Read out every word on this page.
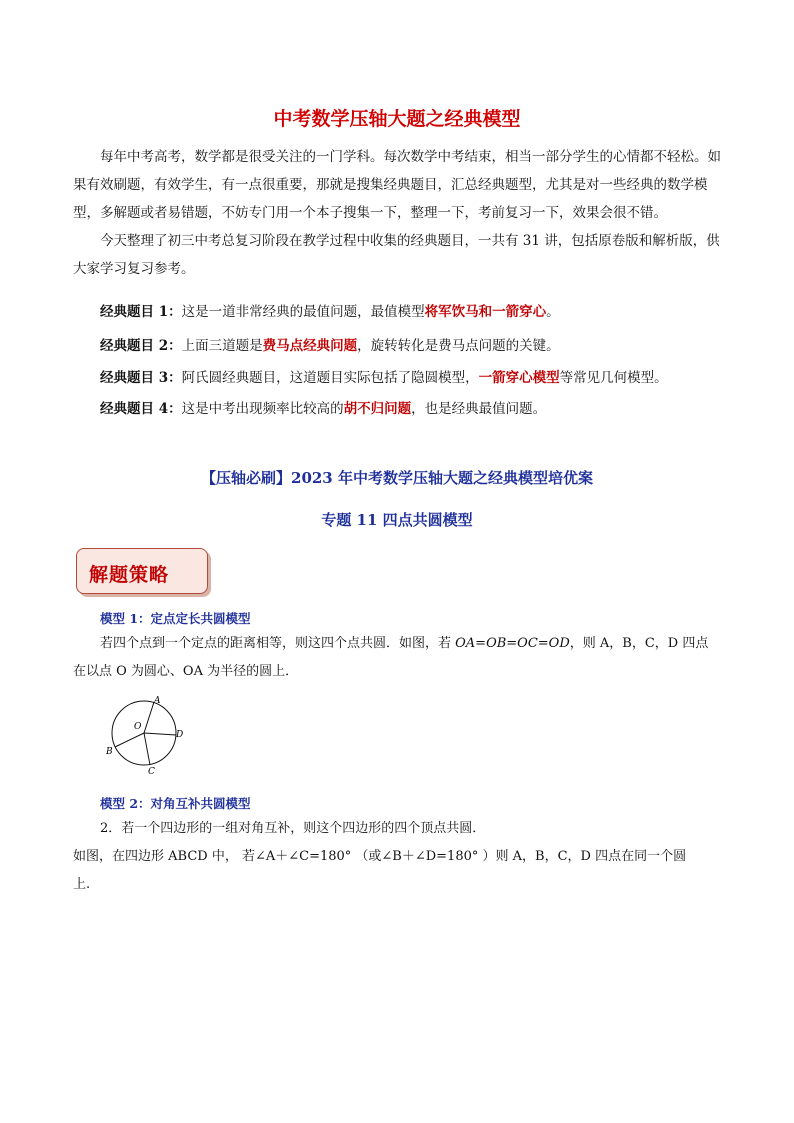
中考数学压轴大题之经典模型

每年中考高考，数学都是很受关注的一门学科。每次数学中考结束，相当一部分学生的心情都不轻松。如果有效刷题，有效学生，有一点很重要，那就是搜集经典题目，汇总经典题型，尤其是对一些经典的数学模型，多解题或者易错题，不妨专门用一个本子搜集一下，整理一下，考前复习一下，效果会很不错。

今天整理了初三中考总复习阶段在教学过程中收集的经典题目，一共有 31 讲，包括原卷版和解析版，供大家学习复习参考。

经典题目 1：这是一道非常经典的最值问题，最值模型将军饮马和一箭穿心。
经典题目 2：上面三道题是费马点经典问题，旋转转化是费马点问题的关键。
经典题目 3：阿氏圆经典题目，这道题目实际包括了隐圆模型，一箭穿心模型等常见几何模型。
经典题目 4：这是中考出现频率比较高的胡不归问题，也是经典最值问题。
【压轴必刷】2023 年中考数学压轴大题之经典模型培优案
专题 11 四点共圆模型
解题策略
模型 1：定点定长共圆模型

若四个点到一个定点的距离相等，则这四个点共圆．如图，若 OA=OB=OC=OD，则 A，B，C，D 四点

在以点 O 为圆心、OA 为半径的圆上．

A
O
D
B
C
模型 2：对角互补共圆模型

2．若一个四边形的一组对角互补，则这个四边形的四个顶点共圆．

如图，在四边形 ABCD 中， 若∠A＋∠C=180° （或∠B＋∠D=180° ）则 A，B，C，D 四点在同一个圆

上.
